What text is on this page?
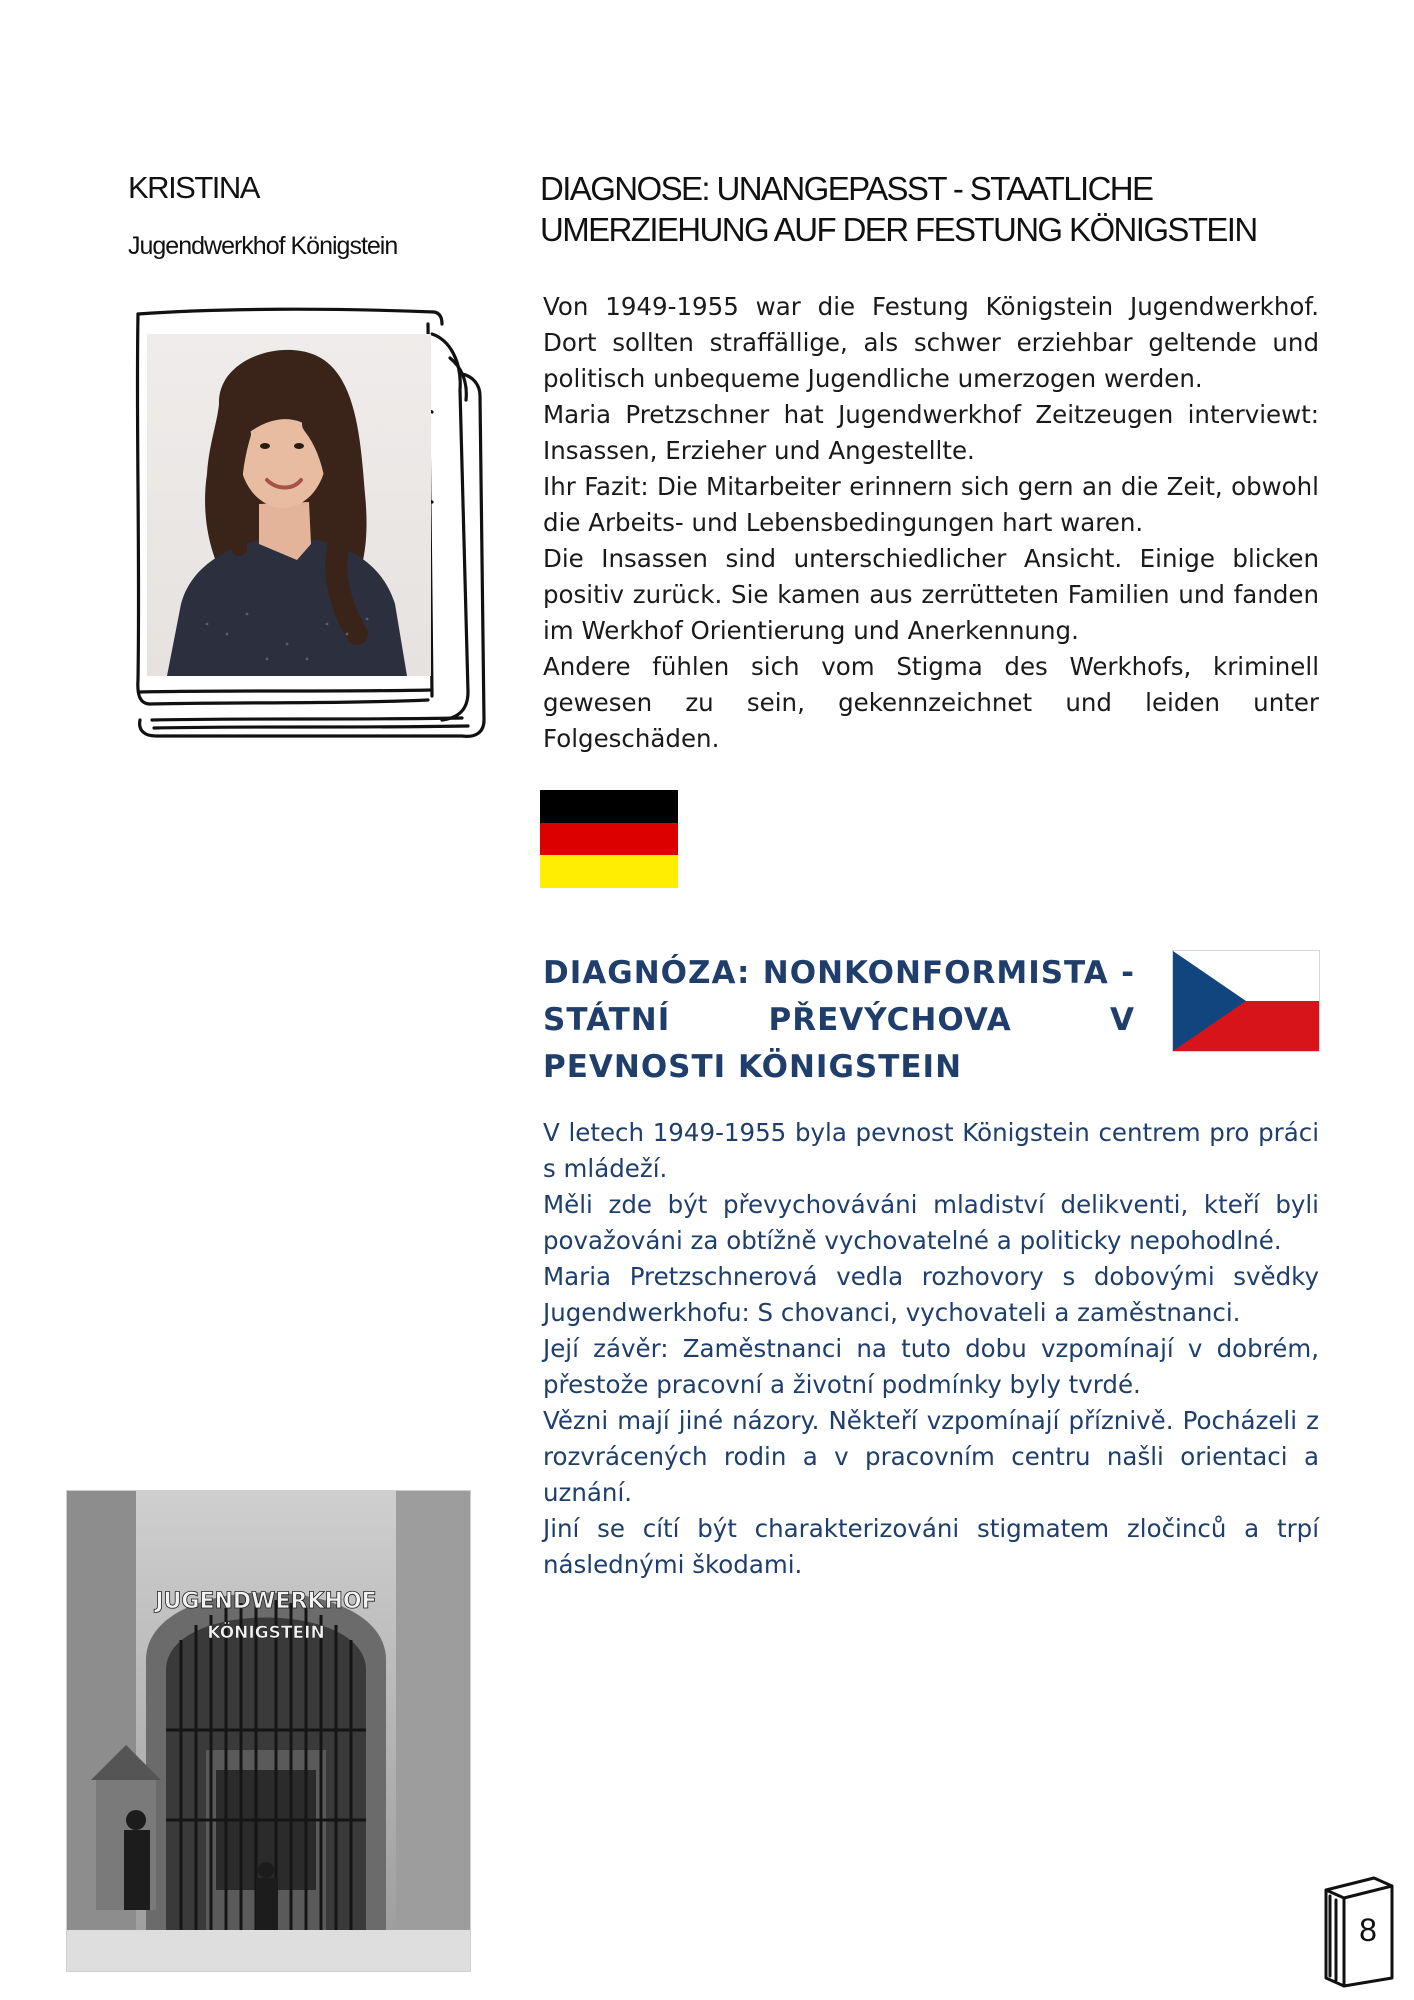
KRISTINA
Jugendwerkhof Königstein
DIAGNOSE: UNANGEPASST - STAATLICHE
UMERZIEHUNG AUF DER FESTUNG KÖNIGSTEIN

Von 1949-1955 war die Festung Königstein Jugendwerkhof. Dort sollten straffällige, als schwer erziehbar geltende und politisch unbequeme Jugendliche umerzogen werden.

Maria Pretzschner hat Jugendwerkhof Zeitzeugen interviewt: Insassen, Erzieher und Angestellte.

Ihr Fazit: Die Mitarbeiter erinnern sich gern an die Zeit, obwohl die Arbeits- und Lebensbedingungen hart waren.

Die Insassen sind unterschiedlicher Ansicht. Einige blicken positiv zurück. Sie kamen aus zerrütteten Familien und fanden im Werkhof Orientierung und Anerkennung.

Andere fühlen sich vom Stigma des Werkhofs, kriminell gewesen zu sein, gekennzeichnet und leiden unter Folgeschäden.

DIAGNÓZA: NONKONFORMISTA - STÁTNÍ PŘEVÝCHOVA V PEVNOSTI KÖNIGSTEIN

V letech 1949-1955 byla pevnost Königstein centrem pro práci s mládeží.

Měli zde být převychováváni mladiství delikventi, kteří byli považováni za obtížně vychovatelné a politicky nepohodlné.

Maria Pretzschnerová vedla rozhovory s dobovými svědky Jugendwerkhofu: S chovanci, vychovateli a zaměstnanci.

Její závěr: Zaměstnanci na tuto dobu vzpomínají v dobrém, přestože pracovní a životní podmínky byly tvrdé.

Vězni mají jiné názory. Někteří vzpomínají příznivě. Pocházeli z rozvrácených rodin a v pracovním centru našli orientaci a uznání.

Jiní se cítí být charakterizováni stigmatem zločinců a trpí následnými škodami.

JUGENDWERKHOF
KÖNIGSTEIN
8
